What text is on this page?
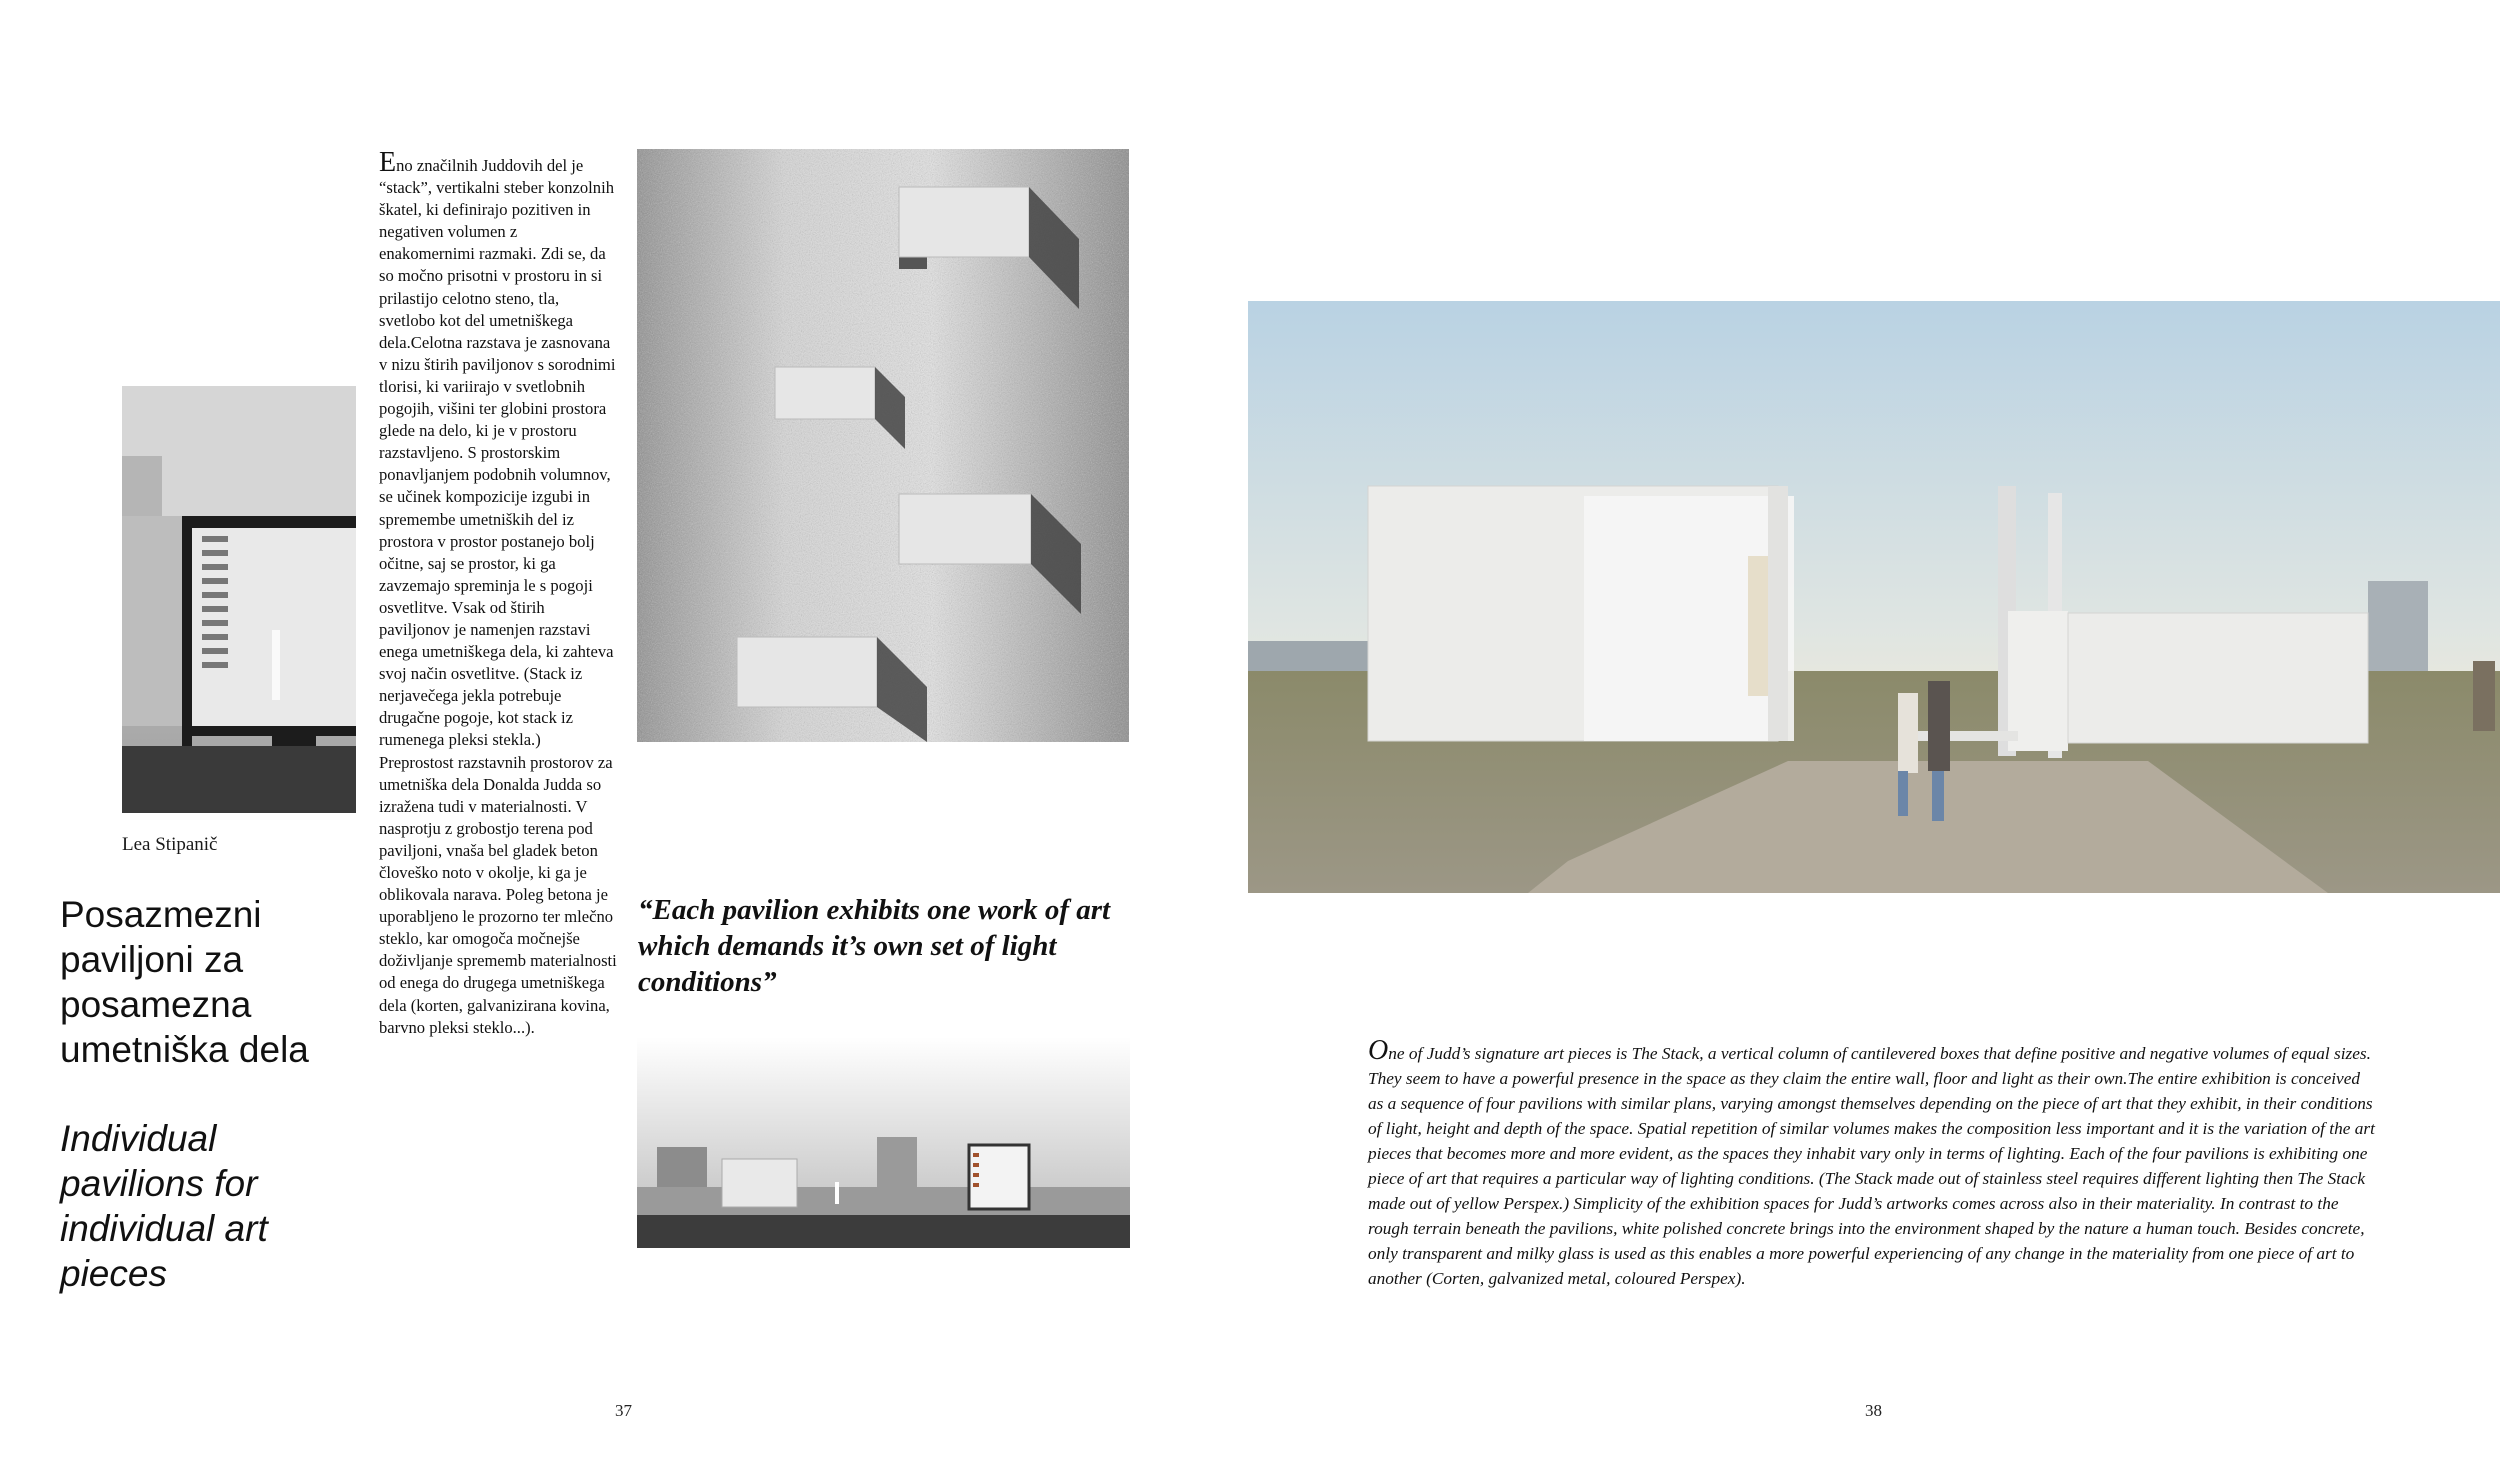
Lea Stipanič
Posazmezni paviljoni za posamezna umetniška dela
Individual pavilions for individual art pieces
Eno značilnih Juddovih del je “stack”, vertikalni steber konzolnih škatel, ki definirajo pozitiven in negativen volumen z enakomernimi razmaki. Zdi se, da so močno prisotni v prostoru in si prilastijo celotno steno, tla, svetlobo kot del umetniškega dela.Celotna razstava je zasnovana v nizu štirih paviljonov s sorodnimi tlorisi, ki variirajo v svetlobnih pogojih, višini ter globini prostora glede na delo, ki je v prostoru razstavljeno. S prostorskim ponavljanjem podobnih volumnov, se učinek kompozicije izgubi in spremembe umetniških del iz prostora v prostor postanejo bolj očitne, saj se prostor, ki ga zavzemajo spreminja le s pogoji osvetlitve. Vsak od štirih paviljonov je namenjen razstavi enega umetniškega dela, ki zahteva svoj način osvetlitve. (Stack iz nerjavečega jekla potrebuje drugačne pogoje, kot stack iz rumenega pleksi stekla.) Preprostost razstavnih prostorov za umetniška dela Donalda Judda so izražena tudi v materialnosti. V nasprotju z grobostjo terena pod paviljoni, vnaša bel gladek beton človeško noto v okolje, ki ga je oblikovala narava. Poleg betona je uporabljeno le prozorno ter mlečno steklo, kar omogoča močnejše doživljanje sprememb materialnosti od enega do drugega umetniškega dela (korten, galvanizirana kovina, barvno pleksi steklo...).
“Each pavilion exhibits one work of art which demands it’s own set of light conditions”
37
One of Judd’s signature art pieces is The Stack, a vertical column of cantilevered boxes that define positive and negative volumes of equal sizes. They seem to have a powerful presence in the space as they claim the entire wall, floor and light as their own.The entire exhibition is conceived as a sequence of four pavilions with similar plans, varying amongst themselves depending on the piece of art that they exhibit, in their conditions of light, height and depth of the space. Spatial repetition of similar volumes makes the composition less important and it is the variation of the art pieces that becomes more and more evident, as the spaces they inhabit vary only in terms of lighting. Each of the four pavilions is exhibiting one piece of art that requires a particular way of lighting conditions. (The Stack made out of stainless steel requires different lighting then The Stack made out of yellow Perspex.) Simplicity of the exhibition spaces for Judd’s artworks comes across also in their materiality. In contrast to the rough terrain beneath the pavilions, white polished concrete brings into the environment shaped by the nature a human touch. Besides concrete, only transparent and milky glass is used as this enables a more powerful experiencing of any change in the materiality from one piece of art to another (Corten, galvanized metal, coloured Perspex).
38
